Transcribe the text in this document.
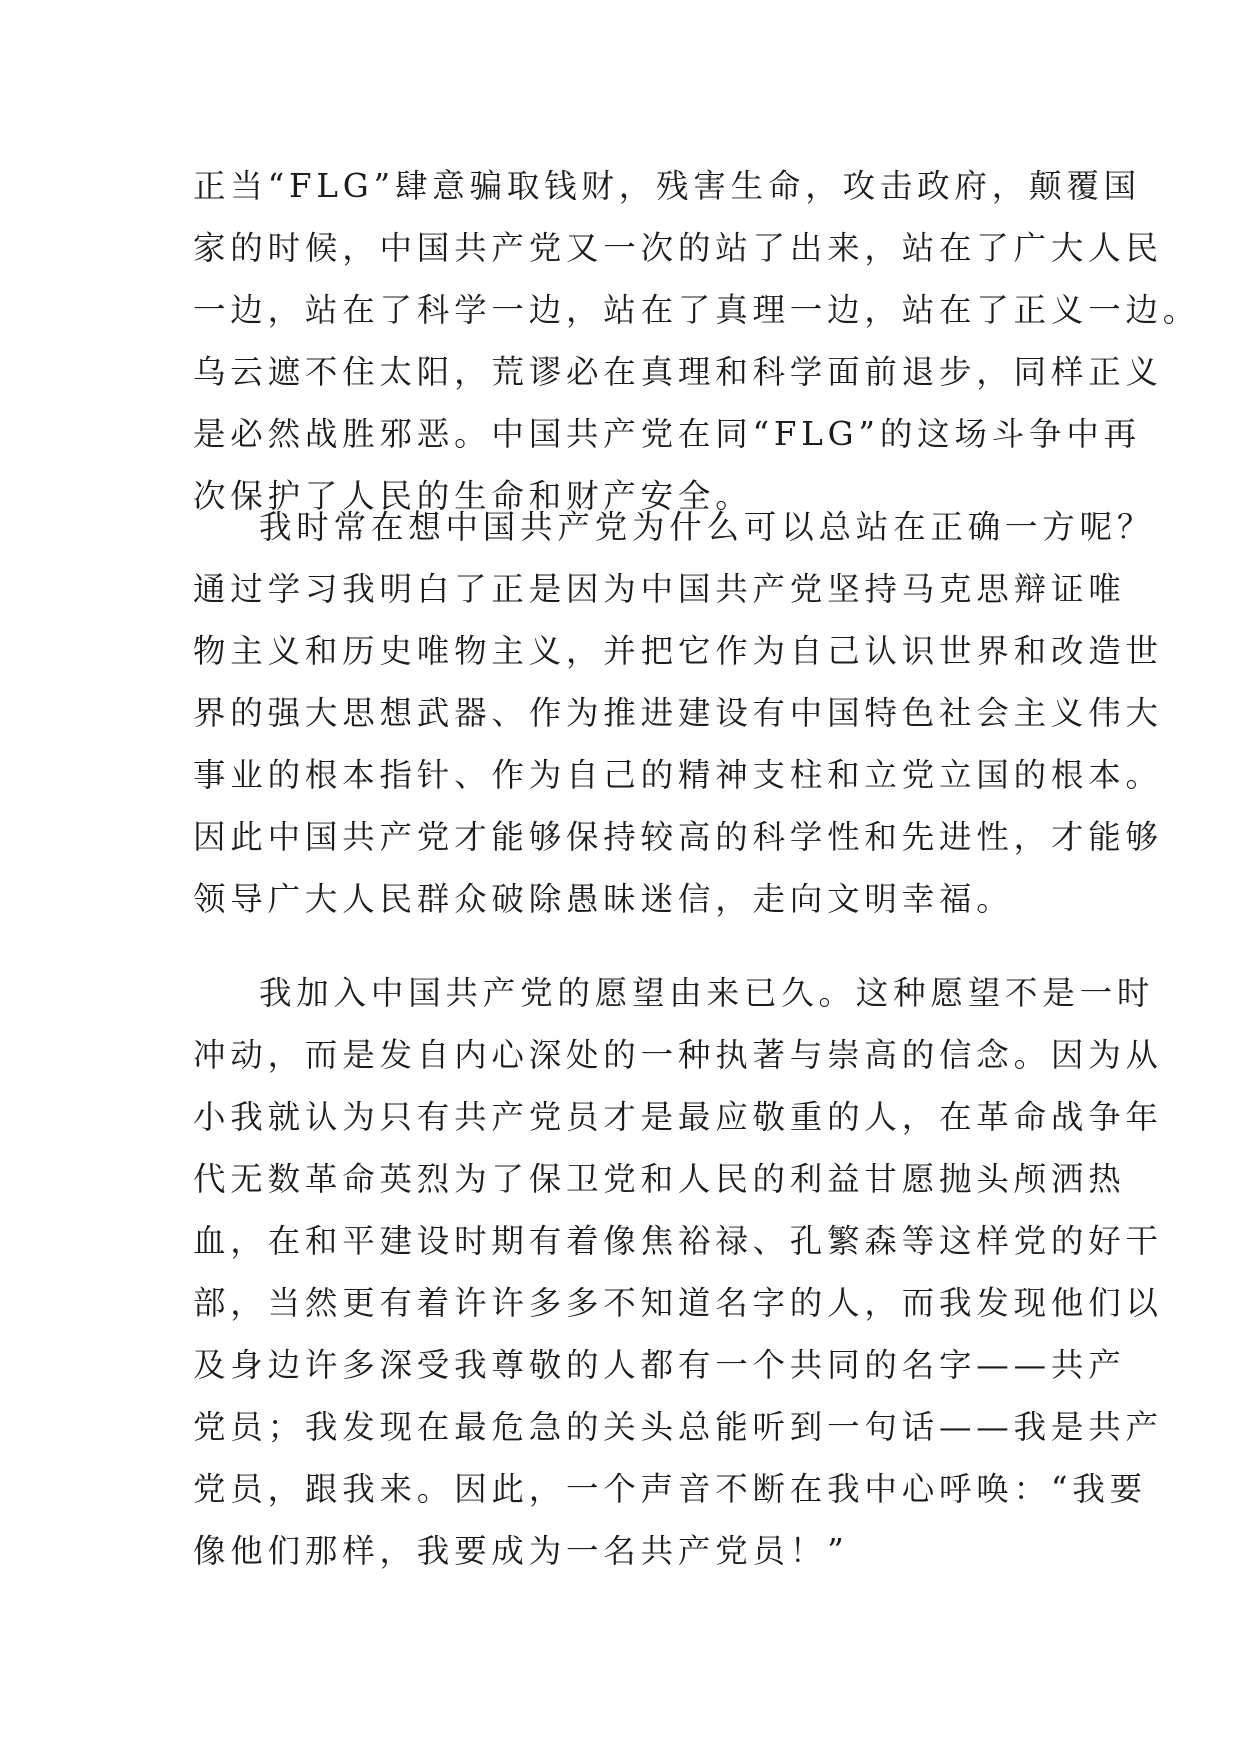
正当“FLG”肆意骗取钱财，残害生命，攻击政府，颠覆国
家的时候，中国共产党又一次的站了出来，站在了广大人民
一边，站在了科学一边，站在了真理一边，站在了正义一边。
乌云遮不住太阳，荒谬必在真理和科学面前退步，同样正义
是必然战胜邪恶。中国共产党在同“FLG”的这场斗争中再
次保护了人民的生命和财产安全。
我时常在想中国共产党为什么可以总站在正确一方呢？
通过学习我明白了正是因为中国共产党坚持马克思辩证唯
物主义和历史唯物主义，并把它作为自己认识世界和改造世
界的强大思想武器、作为推进建设有中国特色社会主义伟大
事业的根本指针、作为自己的精神支柱和立党立国的根本。
因此中国共产党才能够保持较高的科学性和先进性，才能够
领导广大人民群众破除愚昧迷信，走向文明幸福。
我加入中国共产党的愿望由来已久。这种愿望不是一时
冲动，而是发自内心深处的一种执著与崇高的信念。因为从
小我就认为只有共产党员才是最应敬重的人，在革命战争年
代无数革命英烈为了保卫党和人民的利益甘愿抛头颅洒热
血，在和平建设时期有着像焦裕禄、孔繁森等这样党的好干
部，当然更有着许许多多不知道名字的人，而我发现他们以
及身边许多深受我尊敬的人都有一个共同的名字——共产
党员；我发现在最危急的关头总能听到一句话——我是共产
党员，跟我来。因此，一个声音不断在我中心呼唤：“我要
像他们那样，我要成为一名共产党员！”
